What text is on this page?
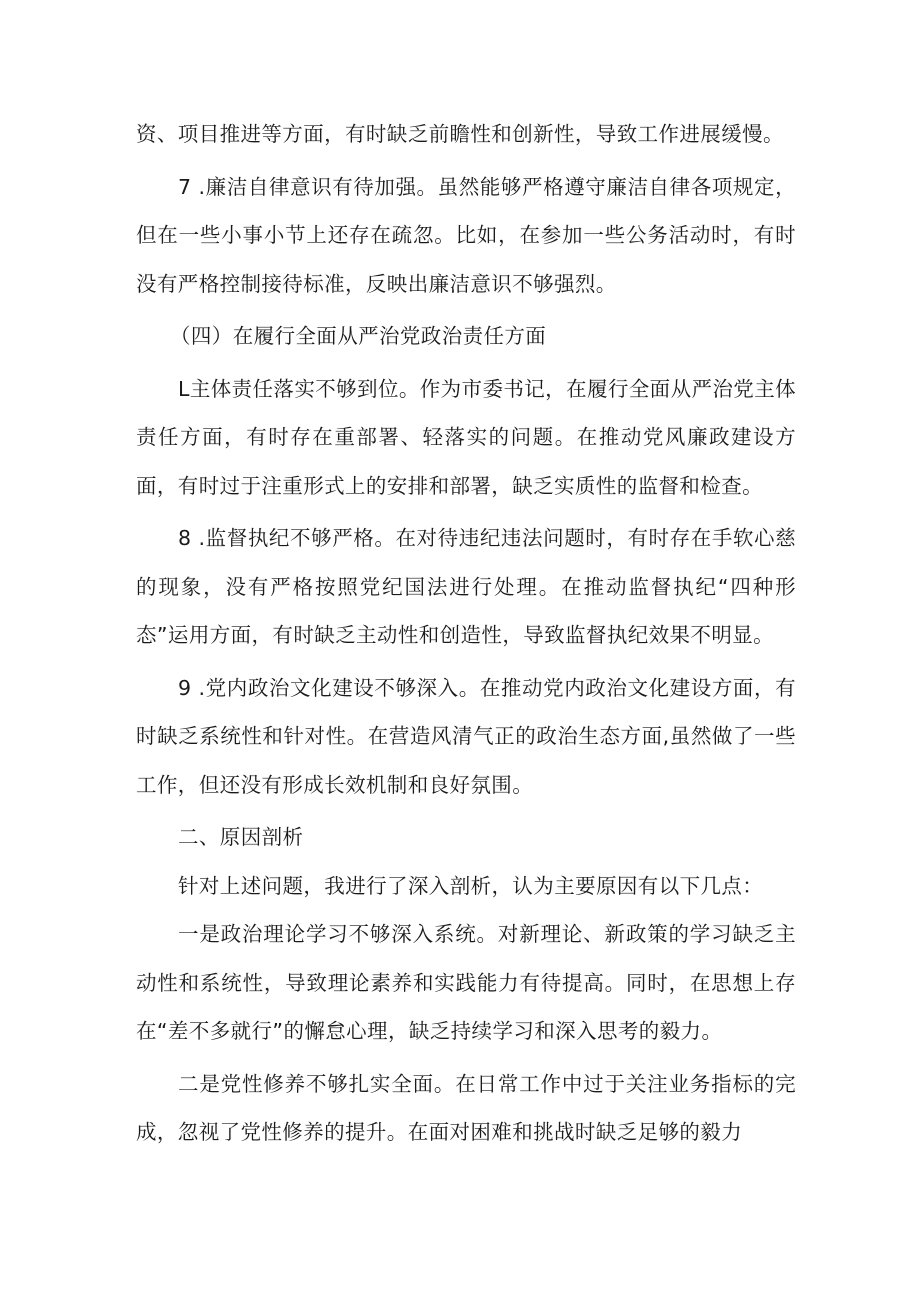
资、项目推进等方面，有时缺乏前瞻性和创新性，导致工作进展缓慢。

7 .廉洁自律意识有待加强。虽然能够严格遵守廉洁自律各项规定，但在一些小事小节上还存在疏忽。比如，在参加一些公务活动时，有时没有严格控制接待标准，反映出廉洁意识不够强烈。

（四）在履行全面从严治党政治责任方面

L主体责任落实不够到位。作为市委书记，在履行全面从严治党主体责任方面，有时存在重部署、轻落实的问题。在推动党风廉政建设方面，有时过于注重形式上的安排和部署，缺乏实质性的监督和检查。

8 .监督执纪不够严格。在对待违纪违法问题时，有时存在手软心慈的现象，没有严格按照党纪国法进行处理。在推动监督执纪“四种形态”运用方面，有时缺乏主动性和创造性，导致监督执纪效果不明显。

9 .党内政治文化建设不够深入。在推动党内政治文化建设方面，有时缺乏系统性和针对性。在营造风清气正的政治生态方面,虽然做了一些工作，但还没有形成长效机制和良好氛围。

二、原因剖析

针对上述问题，我进行了深入剖析，认为主要原因有以下几点：

一是政治理论学习不够深入系统。对新理论、新政策的学习缺乏主动性和系统性，导致理论素养和实践能力有待提高。同时，在思想上存在“差不多就行”的懈怠心理，缺乏持续学习和深入思考的毅力。

二是党性修养不够扎实全面。在日常工作中过于关注业务指标的完成，忽视了党性修养的提升。在面对困难和挑战时缺乏足够的毅力
